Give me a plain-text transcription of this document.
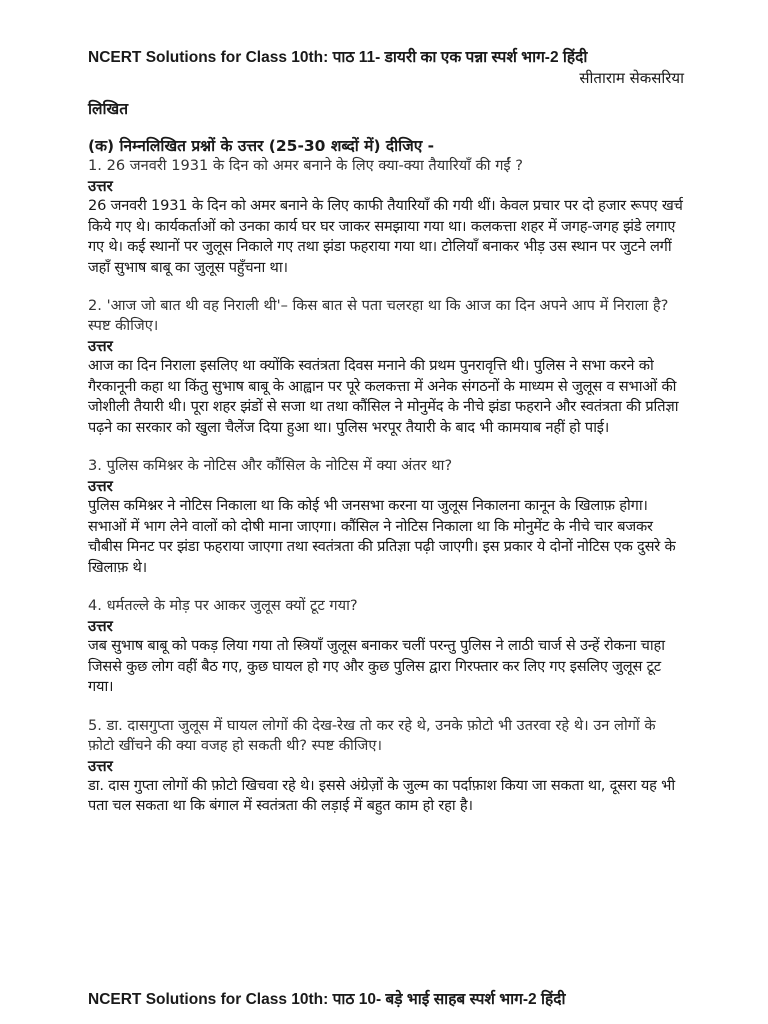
NCERT Solutions for Class 10th: पाठ 11- डायरी का एक पन्ना स्पर्श भाग-2 हिंदी

सीताराम सेकसरिया

लिखित

(क) निम्नलिखित प्रश्नों के उत्तर (25-30 शब्दों में) दीजिए -

1. 26 जनवरी 1931 के दिन को अमर बनाने के लिए क्या-क्या तैयारियाँ की गईं ?

उत्तर

26 जनवरी 1931 के दिन को अमर बनाने के लिए काफी तैयारियाँ की गयी थीं। केवल प्रचार पर दो हजार रूपए खर्च किये गए थे। कार्यकर्ताओं को उनका कार्य घर घर जाकर समझाया गया था। कलकत्ता शहर में जगह-जगह झंडे लगाए गए थे। कई स्थानों पर जुलूस निकाले गए तथा झंडा फहराया गया था। टोलियाँ बनाकर भीड़ उस स्थान पर जुटने लगीं जहाँ सुभाष बाबू का जुलूस पहुँचना था।

2. 'आज जो बात थी वह निराली थी'– किस बात से पता चलरहा था कि आज का दिन अपने आप में निराला है? स्पष्ट कीजिए।

उत्तर

आज का दिन निराला इसलिए था क्योंकि स्वतंत्रता दिवस मनाने की प्रथम पुनरावृत्ति थी। पुलिस ने सभा करने को गैरकानूनी कहा था किंतु सुभाष बाबू के आह्वान पर पूरे कलकत्ता में अनेक संगठनों के माध्यम से जुलूस व सभाओं की जोशीली तैयारी थी। पूरा शहर झंडों से सजा था तथा कौंसिल ने मोनुमेंद के नीचे झंडा फहराने और स्वतंत्रता की प्रतिज्ञा पढ़ने का सरकार को खुला चैलेंज दिया हुआ था। पुलिस भरपूर तैयारी के बाद भी कामयाब नहीं हो पाई।

3. पुलिस कमिश्नर के नोटिस और कौंसिल के नोटिस में क्या अंतर था?

उत्तर

पुलिस कमिश्नर ने नोटिस निकाला था कि कोई भी जनसभा करना या जुलूस निकालना कानून के खिलाफ़ होगा। सभाओं में भाग लेने वालों को दोषी माना जाएगा। कौंसिल ने नोटिस निकाला था कि मोनुमेंट के नीचे चार बजकर चौबीस मिनट पर झंडा फहराया जाएगा तथा स्वतंत्रता की प्रतिज्ञा पढ़ी जाएगी। इस प्रकार ये दोनों नोटिस एक दुसरे के खिलाफ़ थे।

4. धर्मतल्ले के मोड़ पर आकर जुलूस क्यों टूट गया?

उत्तर

जब सुभाष बाबू को पकड़ लिया गया तो स्त्रियाँ जुलूस बनाकर चलीं परन्तु पुलिस ने लाठी चार्ज से उन्हें रोकना चाहा जिससे कुछ लोग वहीं बैठ गए, कुछ घायल हो गए और कुछ पुलिस द्वारा गिरफ्तार कर लिए गए इसलिए जुलूस टूट गया।

5. डा. दासगुप्ता जुलूस में घायल लोगों की देख-रेख तो कर रहे थे, उनके फ़ोटो भी उतरवा रहे थे। उन लोगों के फ़ोटो खींचने की क्या वजह हो सकती थी? स्पष्ट कीजिए।

उत्तर

डा. दास गुप्ता लोगों की फ़ोटो खिचवा रहे थे। इससे अंग्रेज़ों के जुल्म का पर्दाफ़ाश किया जा सकता था, दूसरा यह भी पता चल सकता था कि बंगाल में स्वतंत्रता की लड़ाई में बहुत काम हो रहा है।

NCERT Solutions for Class 10th: पाठ 10- बड़े भाई साहब स्पर्श भाग-2 हिंदी
